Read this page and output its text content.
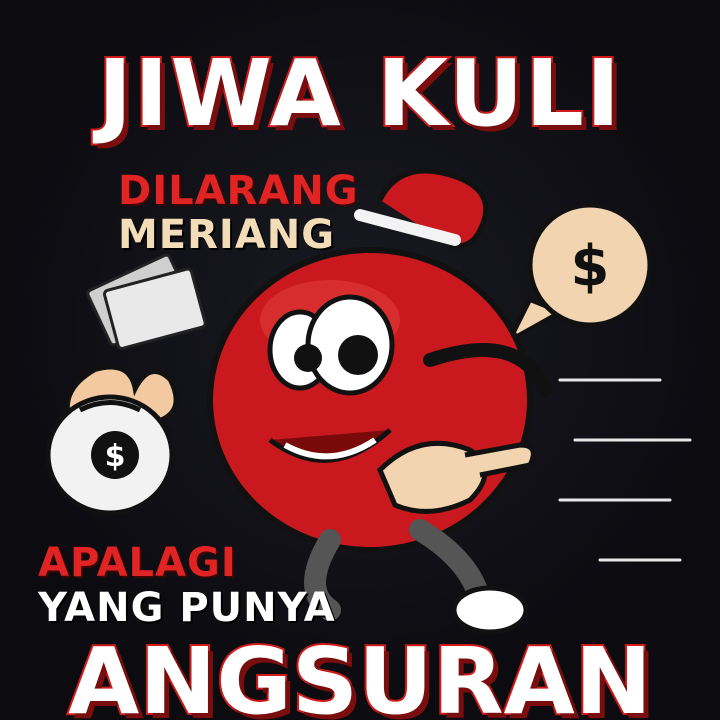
$
$
JIWA KULI
DILARANG
MERIANG
APALAGI
YANG PUNYA
ANGSURAN
